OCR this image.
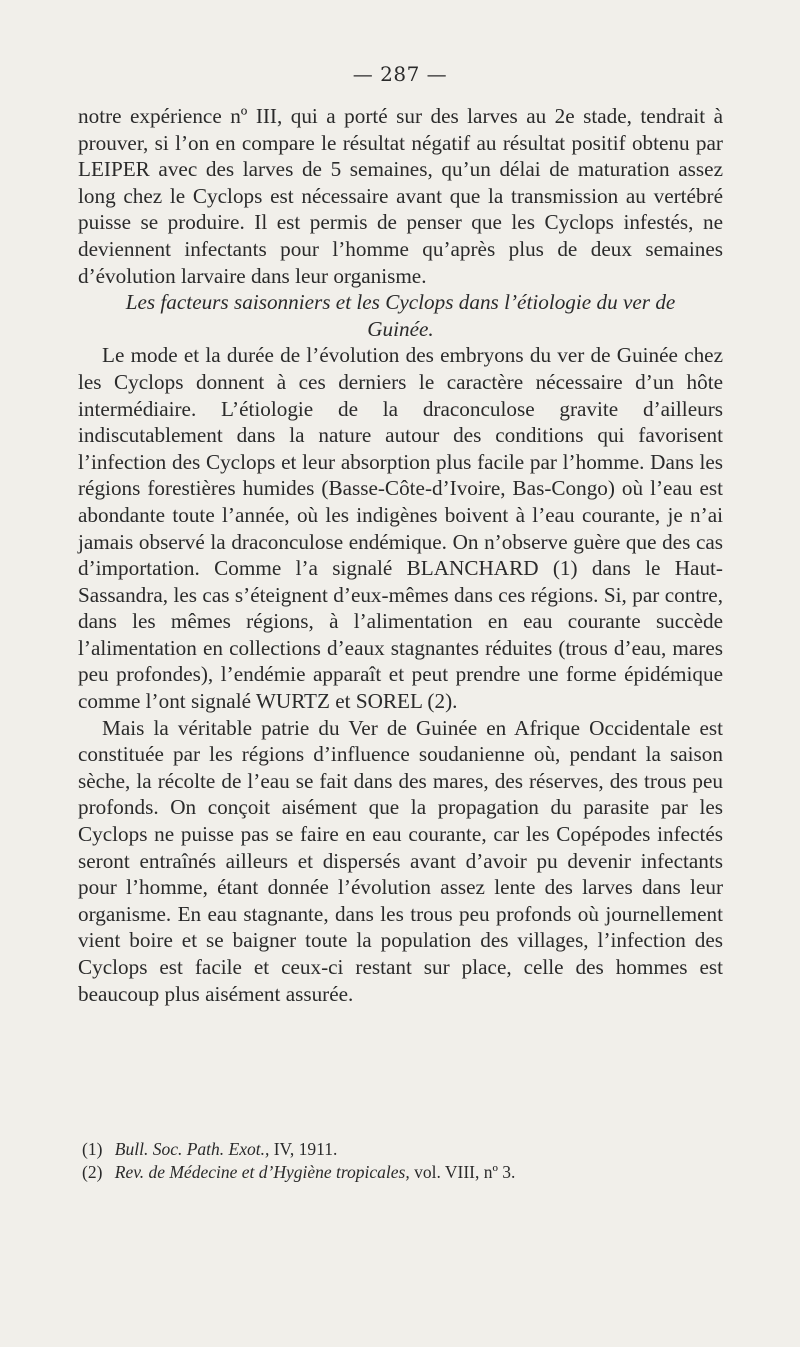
— 287 —

notre expérience nº III, qui a porté sur des larves au 2e stade, tendrait à prouver, si l’on en compare le résultat négatif au résultat positif obtenu par LEIPER avec des larves de 5 semaines, qu’un délai de maturation assez long chez le Cyclops est nécessaire avant que la transmission au vertébré puisse se produire. Il est permis de penser que les Cyclops infestés, ne deviennent infectants pour l’homme qu’après plus de deux semaines d’évolution larvaire dans leur organisme.

Les facteurs saisonniers et les Cyclops dans l’étiologie du ver de Guinée.

Le mode et la durée de l’évolution des embryons du ver de Guinée chez les Cyclops donnent à ces derniers le caractère nécessaire d’un hôte intermédiaire. L’étiologie de la draconculose gravite d’ailleurs indiscutablement dans la nature autour des conditions qui favorisent l’infection des Cyclops et leur absorption plus facile par l’homme. Dans les régions forestières humides (Basse-Côte-d’Ivoire, Bas-Congo) où l’eau est abondante toute l’année, où les indigènes boivent à l’eau courante, je n’ai jamais observé la draconculose endémique. On n’observe guère que des cas d’importation. Comme l’a signalé BLANCHARD (1) dans le Haut-Sassandra, les cas s’éteignent d’eux-mêmes dans ces régions. Si, par contre, dans les mêmes régions, à l’alimentation en eau courante succède l’alimentation en collections d’eaux stagnantes réduites (trous d’eau, mares peu profondes), l’endémie apparaît et peut prendre une forme épidémique comme l’ont signalé WURTZ et SOREL (2).

Mais la véritable patrie du Ver de Guinée en Afrique Occidentale est constituée par les régions d’influence soudanienne où, pendant la saison sèche, la récolte de l’eau se fait dans des mares, des réserves, des trous peu profonds. On conçoit aisément que la propagation du parasite par les Cyclops ne puisse pas se faire en eau courante, car les Copépodes infectés seront entraînés ailleurs et dispersés avant d’avoir pu devenir infectants pour l’homme, étant donnée l’évolution assez lente des larves dans leur organisme. En eau stagnante, dans les trous peu profonds où journellement vient boire et se baigner toute la population des villages, l’infection des Cyclops est facile et ceux-ci restant sur place, celle des hommes est beaucoup plus aisément assurée.

(1) Bull. Soc. Path. Exot., IV, 1911.

(2) Rev. de Médecine et d’Hygiène tropicales, vol. VIII, nº 3.
